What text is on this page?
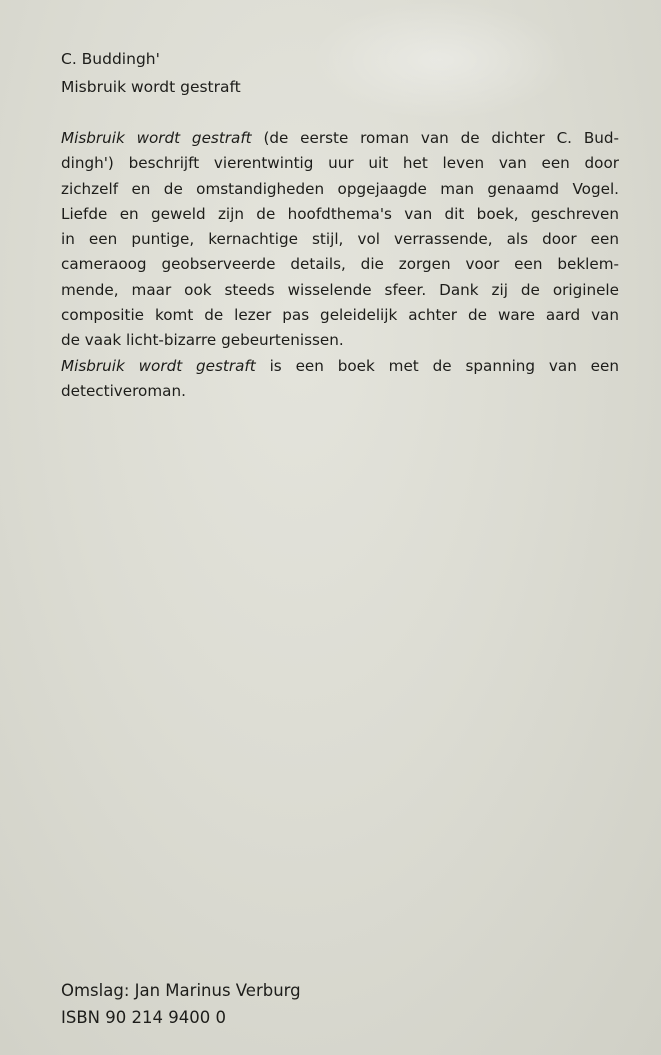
C. Buddingh'
Misbruik wordt gestraft
Misbruik wordt gestraft (de eerste roman van de dichter C. Bud-
dingh') beschrijft vierentwintig uur uit het leven van een door
zichzelf en de omstandigheden opgejaagde man genaamd Vogel.
Liefde en geweld zijn de hoofdthema's van dit boek, geschreven
in een puntige, kernachtige stijl, vol verrassende, als door een
cameraoog geobserveerde details, die zorgen voor een beklem-
mende, maar ook steeds wisselende sfeer. Dank zij de originele
compositie komt de lezer pas geleidelijk achter de ware aard van
de vaak licht-bizarre gebeurtenissen.
Misbruik wordt gestraft is een boek met de spanning van een
detectiveroman.
Omslag: Jan Marinus Verburg
ISBN 90 214 9400 0
